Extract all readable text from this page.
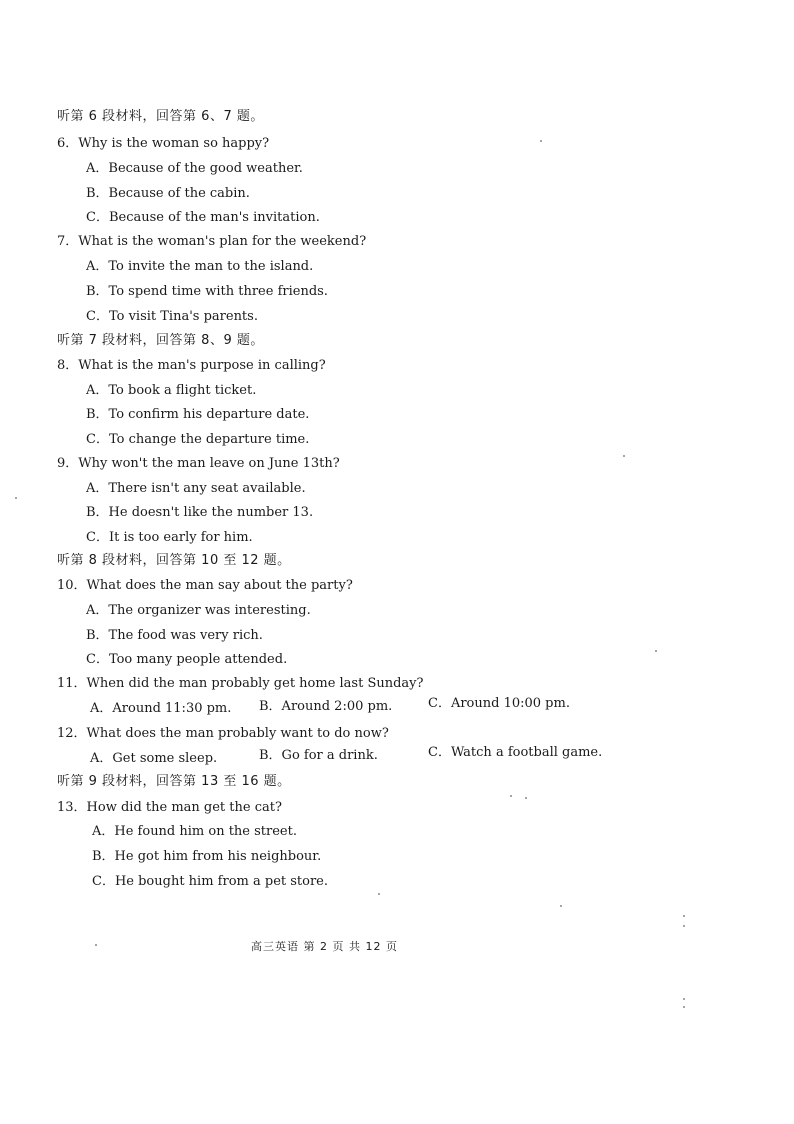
听第 6 段材料，回答第 6、7 题。
6．Why is the woman so happy?
A．Because of the good weather.
B．Because of the cabin.
C．Because of the man's invitation.
7．What is the woman's plan for the weekend?
A．To invite the man to the island.
B．To spend time with three friends.
C．To visit Tina's parents.
听第 7 段材料，回答第 8、9 题。
8．What is the man's purpose in calling?
A．To book a flight ticket.
B．To confirm his departure date.
C．To change the departure time.
9．Why won't the man leave on June 13th?
A．There isn't any seat available.
B．He doesn't like the number 13.
C．It is too early for him.
听第 8 段材料，回答第 10 至 12 题。
10．What does the man say about the party?
A．The organizer was interesting.
B．The food was very rich.
C．Too many people attended.
11．When did the man probably get home last Sunday?
A．Around 11:30 pm. B．Around 2:00 pm.	C．Around 10:00 pm.
12．What does the man probably want to do now?
A．Get some sleep.	B．Go for a drink.	C．Watch a football game.
听第 9 段材料，回答第 13 至 16 题。
13．How did the man get the cat?
A．He found him on the street.
B．He got him from his neighbour.
C．He bought him from a pet store.
高三英语 第 2 页 共 12 页
